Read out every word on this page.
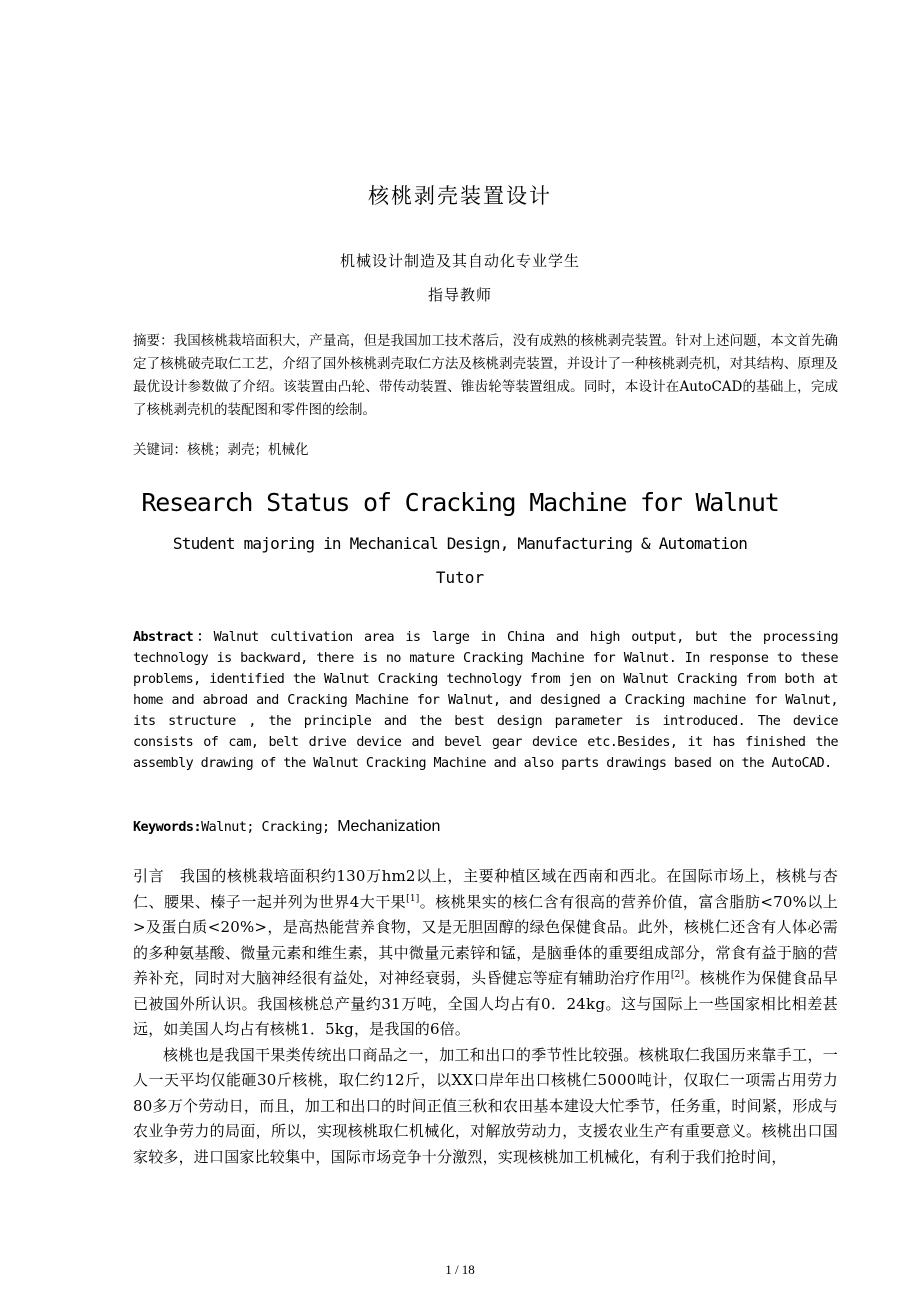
核桃剥壳装置设计
机械设计制造及其自动化专业学生
指导教师
摘要：我国核桃栽培面积大，产量高，但是我国加工技术落后，没有成熟的核桃剥壳装置。针对上述问题，本文首先确定了核桃破壳取仁工艺，介绍了国外核桃剥壳取仁方法及核桃剥壳装置，并设计了一种核桃剥壳机，对其结构、原理及最优设计参数做了介绍。该装置由凸轮、带传动装置、锥齿轮等装置组成。同时，本设计在AutoCAD的基础上，完成了核桃剥壳机的装配图和零件图的绘制。
关键词：核桃；剥壳；机械化
Research Status of Cracking Machine for Walnut
Student majoring in Mechanical Design, Manufacturing & Automation
Tutor
Abstract：Walnut cultivation area is large in China and high output, but the processing technology is backward, there is no mature Cracking Machine for Walnut. In response to these problems, identified the Walnut Cracking technology from jen on Walnut Cracking from both at home and abroad and Cracking Machine for Walnut, and designed a Cracking machine for Walnut, its structure , the principle and the best design parameter is introduced. The device consists of cam, belt drive device and bevel gear device etc.Besides, it has finished the assembly drawing of the Walnut Cracking Machine and also parts drawings based on the AutoCAD.
Keywords:Walnut; Cracking; Mechanization

引言　我国的核桃栽培面积约130万hm2以上，主要种植区域在西南和西北。在国际市场上，核桃与杏仁、腰果、榛子一起并列为世界4大干果[1]。核桃果实的核仁含有很高的营养价值，富含脂肪<70%以上>及蛋白质<20%>，是高热能营养食物，又是无胆固醇的绿色保健食品。此外，核桃仁还含有人体必需的多种氨基酸、微量元素和维生素，其中微量元素锌和锰，是脑垂体的重要组成部分，常食有益于脑的营养补充，同时对大脑神经很有益处，对神经衰弱，头昏健忘等症有辅助治疗作用[2]。核桃作为保健食品早已被国外所认识。我国核桃总产量约31万吨，全国人均占有0．24kg。这与国际上一些国家相比相差甚远，如美国人均占有核桃1．5kg，是我国的6倍。

核桃也是我国干果类传统出口商品之一，加工和出口的季节性比较强。核桃取仁我国历来靠手工，一人一天平均仅能砸30斤核桃，取仁约12斤，以XX口岸年出口核桃仁5000吨计，仅取仁一项需占用劳力80多万个劳动日，而且，加工和出口的时间正值三秋和农田基本建设大忙季节，任务重，时间紧，形成与农业争劳力的局面，所以，实现核桃取仁机械化，对解放劳动力，支援农业生产有重要意义。核桃出口国家较多，进口国家比较集中，国际市场竞争十分激烈，实现核桃加工机械化，有利于我们抢时间，

1 / 18
